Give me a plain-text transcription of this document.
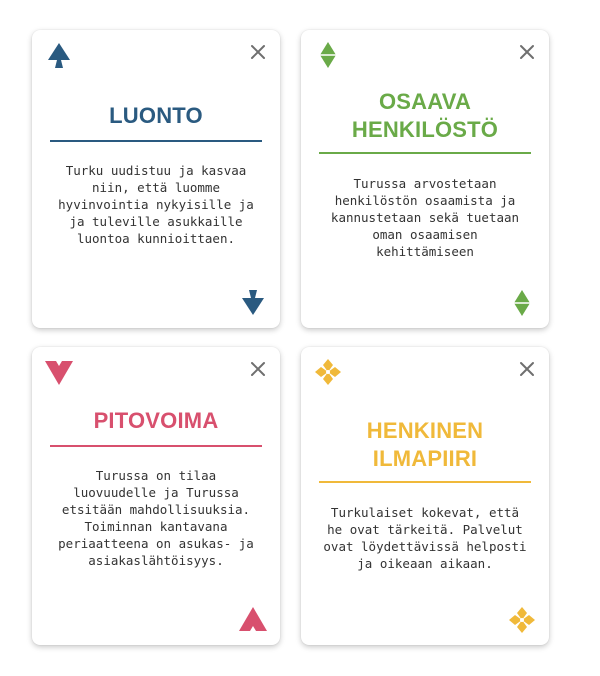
LUONTO
Turku uudistuu ja kasvaa niin, että luomme hyvinvointia nykyisille ja ja tuleville asukkaille luontoa kunnioittaen.
OSAAVA HENKILÖSTÖ
Turussa arvostetaan henkilöstön osaamista ja kannustetaan sekä tuetaan oman osaamisen kehittämiseen
PITOVOIMA
Turussa on tilaa luovuudelle ja Turussa etsitään mahdollisuuksia. Toiminnan kantavana periaatteena on asukas- ja asiakaslähtöisyys.
HENKINEN ILMAPIIRI
Turkulaiset kokevat, että he ovat tärkeitä. Palvelut ovat löydettävissä helposti ja oikeaan aikaan.
